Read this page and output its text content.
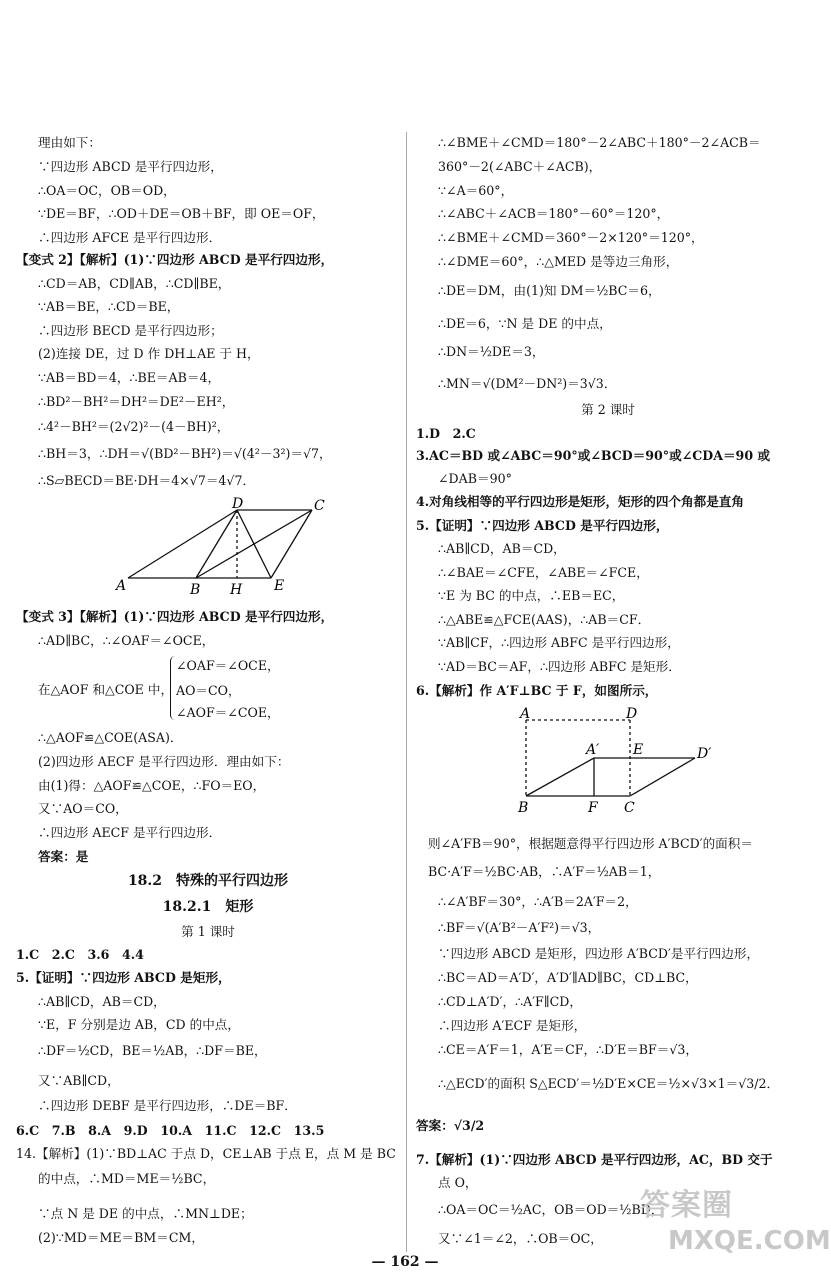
理由如下：
∵四边形 ABCD 是平行四边形，
∴OA＝OC，OB＝OD，
∵DE＝BF，∴OD＋DE＝OB＋BF，即 OE＝OF，
∴四边形 AFCE 是平行四边形．
【变式 2】【解析】(1)∵四边形 ABCD 是平行四边形，
∴CD＝AB，CD∥AB，∴CD∥BE，
∵AB＝BE，∴CD＝BE，
∴四边形 BECD 是平行四边形；
(2)连接 DE，过 D 作 DH⊥AE 于 H，
∵AB＝BD＝4，∴BE＝AB＝4，
∴BD²－BH²＝DH²＝DE²－EH²，
∴4²－BH²＝(2√2)²－(4－BH)²，
∴BH＝3，∴DH＝√(BD²－BH²)＝√(4²－3²)＝√7，
∴S▱BECD＝BE·DH＝4×√7＝4√7．
A	B H E
D	C
【变式 3】【解析】(1)∵四边形 ABCD 是平行四边形，
∴AD∥BC，∴∠OAF＝∠OCE，
∠OAF＝∠OCE，
在△AOF 和△COE 中， AO＝CO，
∠AOF＝∠COE，
∴△AOF≌△COE(ASA)．
(2)四边形 AECF 是平行四边形．理由如下：
由(1)得：△AOF≌△COE，∴FO＝EO，
又∵AO＝CO，
∴四边形 AECF 是平行四边形．
答案：是
18.2　特殊的平行四边形
18.2.1　矩形
第 1 课时
1.C　2.C　3.6　4.4
5.【证明】∵四边形 ABCD 是矩形，
∴AB∥CD，AB＝CD，
∵E，F 分别是边 AB，CD 的中点，
∴DF＝½CD，BE＝½AB，∴DF＝BE，
又∵AB∥CD，
∴四边形 DEBF 是平行四边形，∴DE＝BF．
6.C　7.B　8.A　9.D　10.A　11.C　12.C　13.5
14.【解析】(1)∵BD⊥AC 于点 D，CE⊥AB 于点 E，点 M 是 BC
的中点，∴MD＝ME＝½BC，
∵点 N 是 DE 的中点，∴MN⊥DE；
(2)∵MD＝ME＝BM＝CM，
∴∠BME＋∠CMD＝180°－2∠ABC＋180°－2∠ACB＝
360°－2(∠ABC＋∠ACB)，
∵∠A＝60°，
∴∠ABC＋∠ACB＝180°－60°＝120°，
∴∠BME＋∠CMD＝360°－2×120°＝120°，
∴∠DME＝60°，∴△MED 是等边三角形，
∴DE＝DM，由(1)知 DM＝½BC＝6，
∴DE＝6，∵N 是 DE 的中点，
∴DN＝½DE＝3，
∴MN＝√(DM²－DN²)＝3√3．
第 2 课时
1.D　2.C
3.AC＝BD 或∠ABC＝90°或∠BCD＝90°或∠CDA＝90 或
∠DAB＝90°
4.对角线相等的平行四边形是矩形，矩形的四个角都是直角
5.【证明】∵四边形 ABCD 是平行四边形，
∴AB∥CD，AB＝CD，
∴∠BAE＝∠CFE，∠ABE＝∠FCE，
∵E 为 BC 的中点，∴EB＝EC，
∴△ABE≌△FCE(AAS)，∴AB＝CF．
∵AB∥CF，∴四边形 ABFC 是平行四边形，
∵AD＝BC＝AF，∴四边形 ABFC 是矩形．
6.【解析】作 A′F⊥BC 于 F，如图所示，
A	D
A′ E	D′
B	F C
则∠A′FB＝90°，根据题意得平行四边形 A′BCD′的面积＝
BC·A′F＝½BC·AB，∴A′F＝½AB＝1，
∴∠A′BF＝30°，∴A′B＝2A′F＝2，
∴BF＝√(A′B²－A′F²)＝√3，
∵四边形 ABCD 是矩形，四边形 A′BCD′是平行四边形，
∴BC＝AD＝A′D′，A′D′∥AD∥BC，CD⊥BC，
∴CD⊥A′D′，∴A′F∥CD，
∴四边形 A′ECF 是矩形，
∴CE＝A′F＝1，A′E＝CF，∴D′E＝BF＝√3，
∴△ECD′的面积 S△ECD′＝½D′E×CE＝½×√3×1＝√3/2．
答案：√3/2
7.【解析】(1)∵四边形 ABCD 是平行四边形，AC，BD 交于
点 O，
∴OA＝OC＝½AC，OB＝OD＝½BD，
又∵∠1＝∠2，∴OB＝OC，
答案圈
MXQE.COM
— 162 —
